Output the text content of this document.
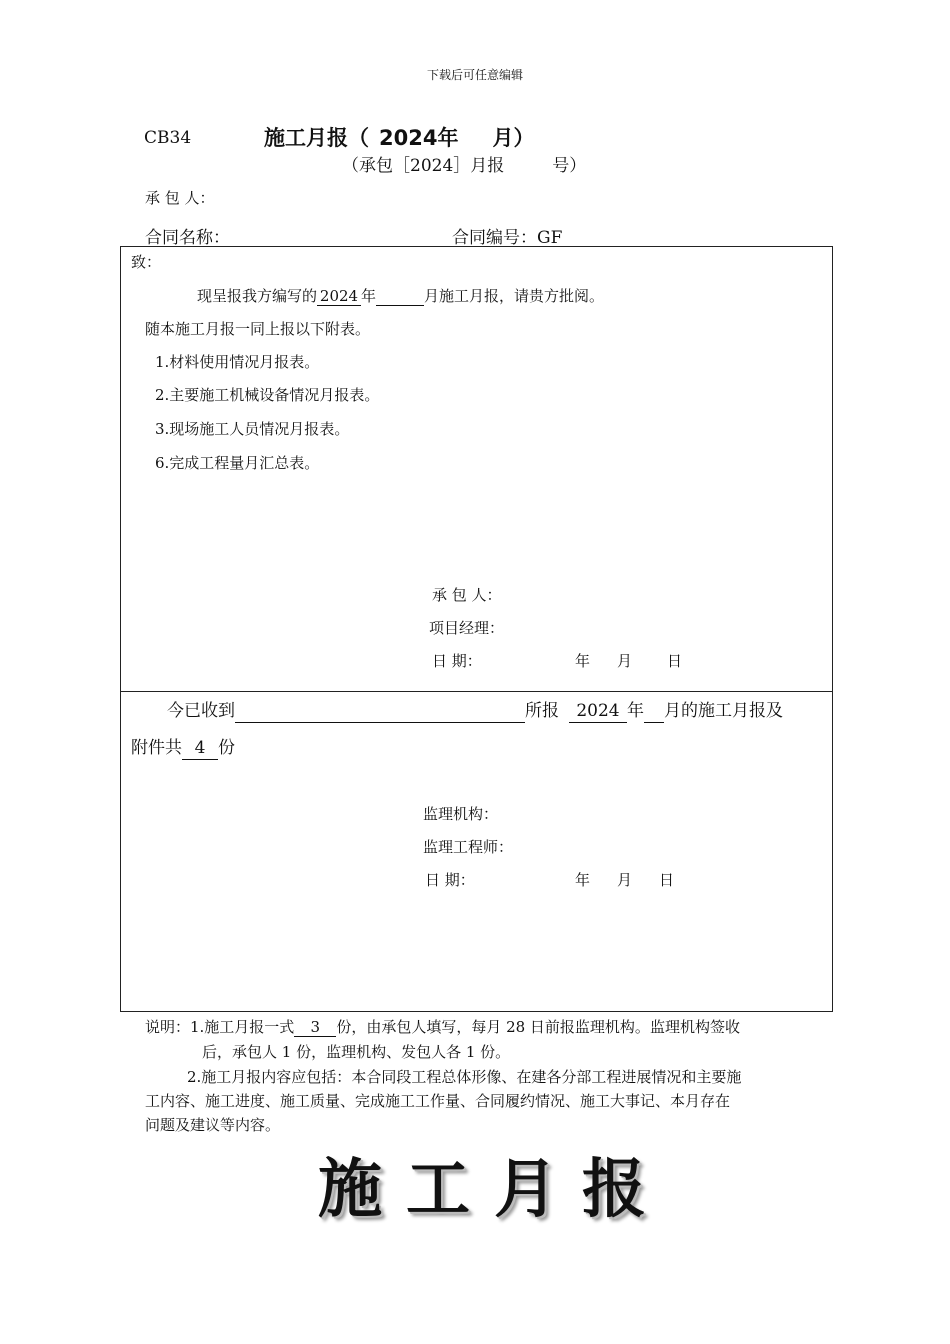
下载后可任意编辑
CB34	施工月报（ 2024年 月）
（承包［2024］月报	号）
承 包 人：
合同名称：	合同编号：GF
致：
现呈报我方编写的 2024 年	月施工月报，请贵方批阅。
随本施工月报一同上报以下附表。
1.材料使用情况月报表。
2.主要施工机械设备情况月报表。
3.现场施工人员情况月报表。
6.完成工程量月汇总表。
承 包 人：
项目经理：
日 期：	年 月 日
今已收到	所报 2024 年 月的施工月报及
附件共 4 份
监理机构：
监理工程师：
日 期：	年 月 日
说明：1.施工月报一式 3 份，由承包人填写，每月 28 日前报监理机构。监理机构签收
后，承包人 1 份，监理机构、发包人各 1 份。
2.施工月报内容应包括：本合同段工程总体形像、在建各分部工程进展情况和主要施
工内容、施工进度、施工质量、完成施工工作量、合同履约情况、施工大事记、本月存在
问题及建议等内容。
施工月报
